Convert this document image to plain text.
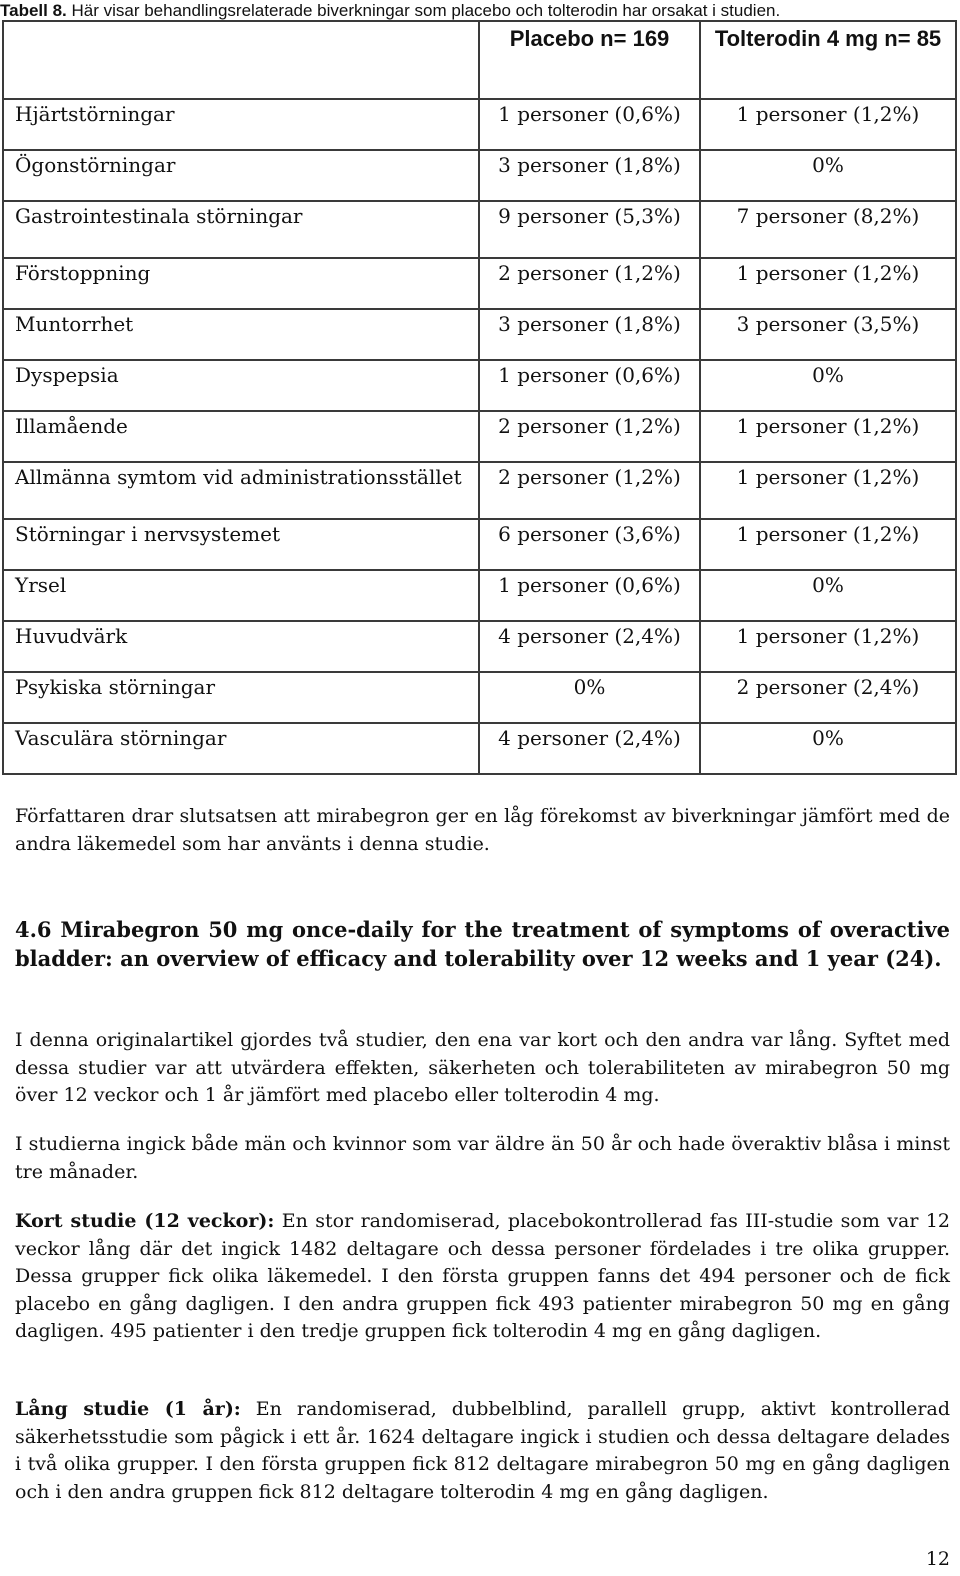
Tabell 8. Här visar behandlingsrelaterade biverkningar som placebo och tolterodin har orsakat i studien.
	Placebo n= 169	Tolterodin 4 mg n= 85
Hjärtstörningar	1 personer (0,6%)	1 personer (1,2%)
Ögonstörningar	3 personer (1,8%)	0%
Gastrointestinala störningar	9 personer (5,3%)	7 personer (8,2%)
Förstoppning	2 personer (1,2%)	1 personer (1,2%)
Muntorrhet	3 personer (1,8%)	3 personer (3,5%)
Dyspepsia	1 personer (0,6%)	0%
Illamående	2 personer (1,2%)	1 personer (1,2%)
Allmänna symtom vid administrationsstället	2 personer (1,2%)	1 personer (1,2%)
Störningar i nervsystemet	6 personer (3,6%)	1 personer (1,2%)
Yrsel	1 personer (0,6%)	0%
Huvudvärk	4 personer (2,4%)	1 personer (1,2%)
Psykiska störningar	0%	2 personer (2,4%)
Vasculära störningar	4 personer (2,4%)	0%

Författaren drar slutsatsen att mirabegron ger en låg förekomst av biverkningar jämfört med de andra läkemedel som har använts i denna studie.

4.6 Mirabegron 50 mg once-daily for the treatment of symptoms of overactive bladder: an overview of efficacy and tolerability over 12 weeks and 1 year (24).

I denna originalartikel gjordes två studier, den ena var kort och den andra var lång. Syftet med dessa studier var att utvärdera effekten, säkerheten och tolerabiliteten av mirabegron 50 mg över 12 veckor och 1 år jämfört med placebo eller tolterodin 4 mg.

I studierna ingick både män och kvinnor som var äldre än 50 år och hade överaktiv blåsa i minst tre månader.

Kort studie (12 veckor): En stor randomiserad, placebokontrollerad fas III-studie som var 12 veckor lång där det ingick 1482 deltagare och dessa personer fördelades i tre olika grupper. Dessa grupper fick olika läkemedel. I den första gruppen fanns det 494 personer och de fick placebo en gång dagligen. I den andra gruppen fick 493 patienter mirabegron 50 mg en gång dagligen. 495 patienter i den tredje gruppen fick tolterodin 4 mg en gång dagligen.

Lång studie (1 år): En randomiserad, dubbelblind, parallell grupp, aktivt kontrollerad säkerhetsstudie som pågick i ett år. 1624 deltagare ingick i studien och dessa deltagare delades i två olika grupper. I den första gruppen fick 812 deltagare mirabegron 50 mg en gång dagligen och i den andra gruppen fick 812 deltagare tolterodin 4 mg en gång dagligen.

12
